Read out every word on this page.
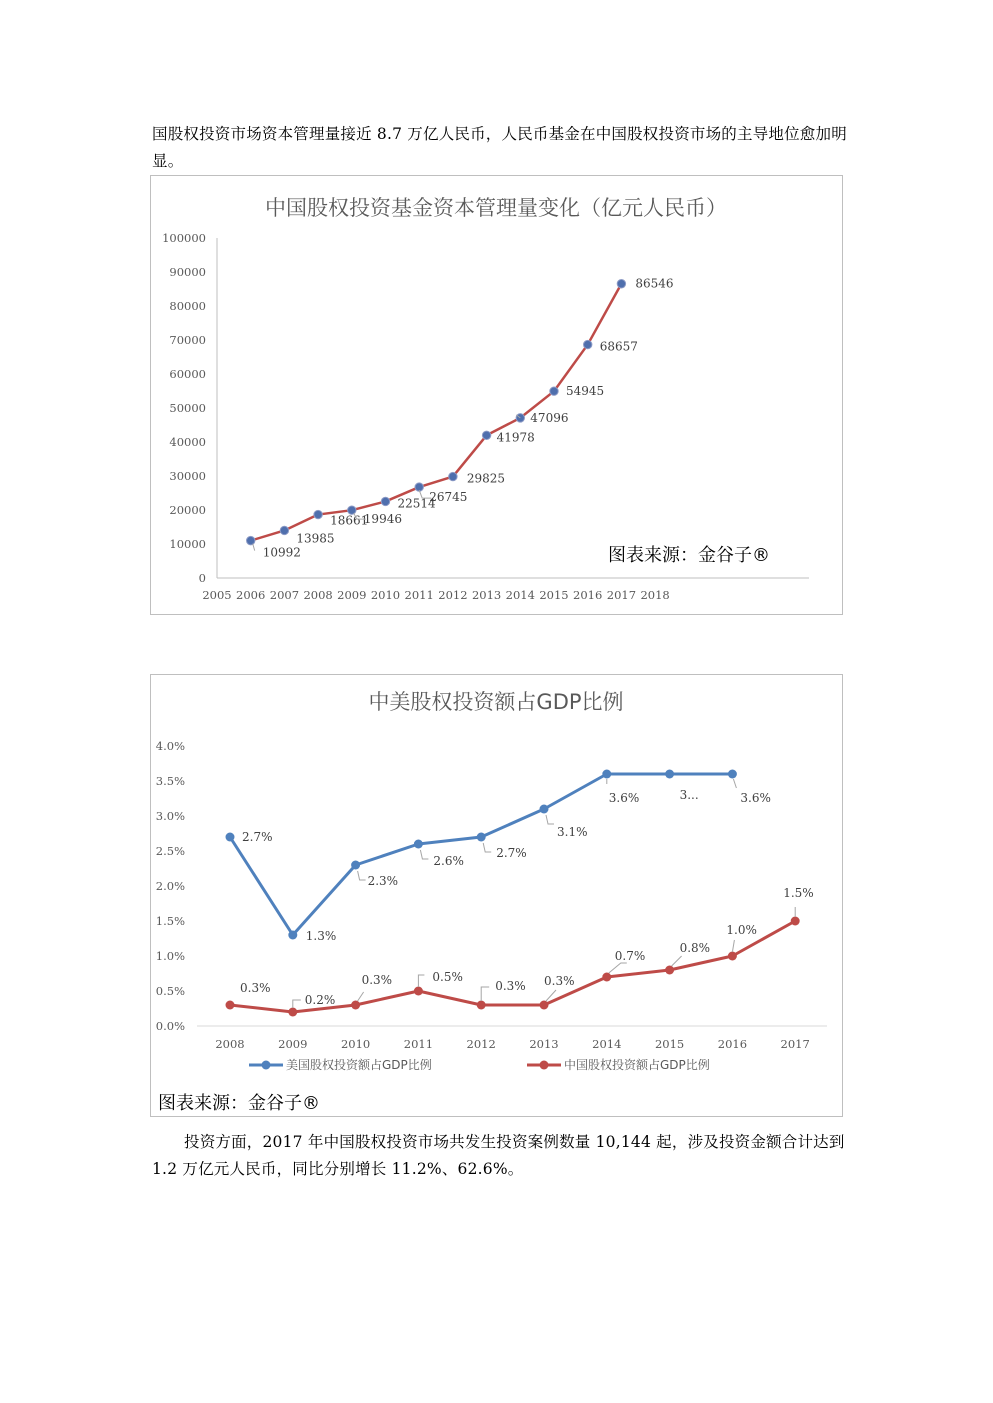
国股权投资市场资本管理量接近 8.7 万亿人民币，人民币基金在中国股权投资市场的主导地位愈加明显。

中国股权投资基金资本管理量变化（亿元人民币）
0
10000
20000
30000
40000
50000
60000
70000
80000
90000
100000
2005 2006 2007 2008 2009 2010 2011 2012 2013 2014 2015 2016 2017 2018
10992
13985
18661
19946
22514
26745
29825
41978
47096
54945
68657
86546
图表来源：金谷子®
中美股权投资额占GDP比例
0.0%
0.5%
1.0%
1.5%
2.0%
2.5%
3.0%
3.5%
4.0%
2008	2009	2010	2011	2012	2013	2014	2015	2016	2017
2.7%
1.3%
2.3%
2.6%
2.7%
3.1%
3.6%	3...	3.6%
0.3%
0.2%
0.3%	0.5%
0.3% 0.3%
0.7%
0.8%
1.0%
1.5%
美国股权投资额占GDP比例	中国股权投资额占GDP比例
图表来源：金谷子®

投资方面，2017 年中国股权投资市场共发生投资案例数量 10,144 起，涉及投资金额合计达到 1.2 万亿元人民币，同比分别增长 11.2%、62.6%。
